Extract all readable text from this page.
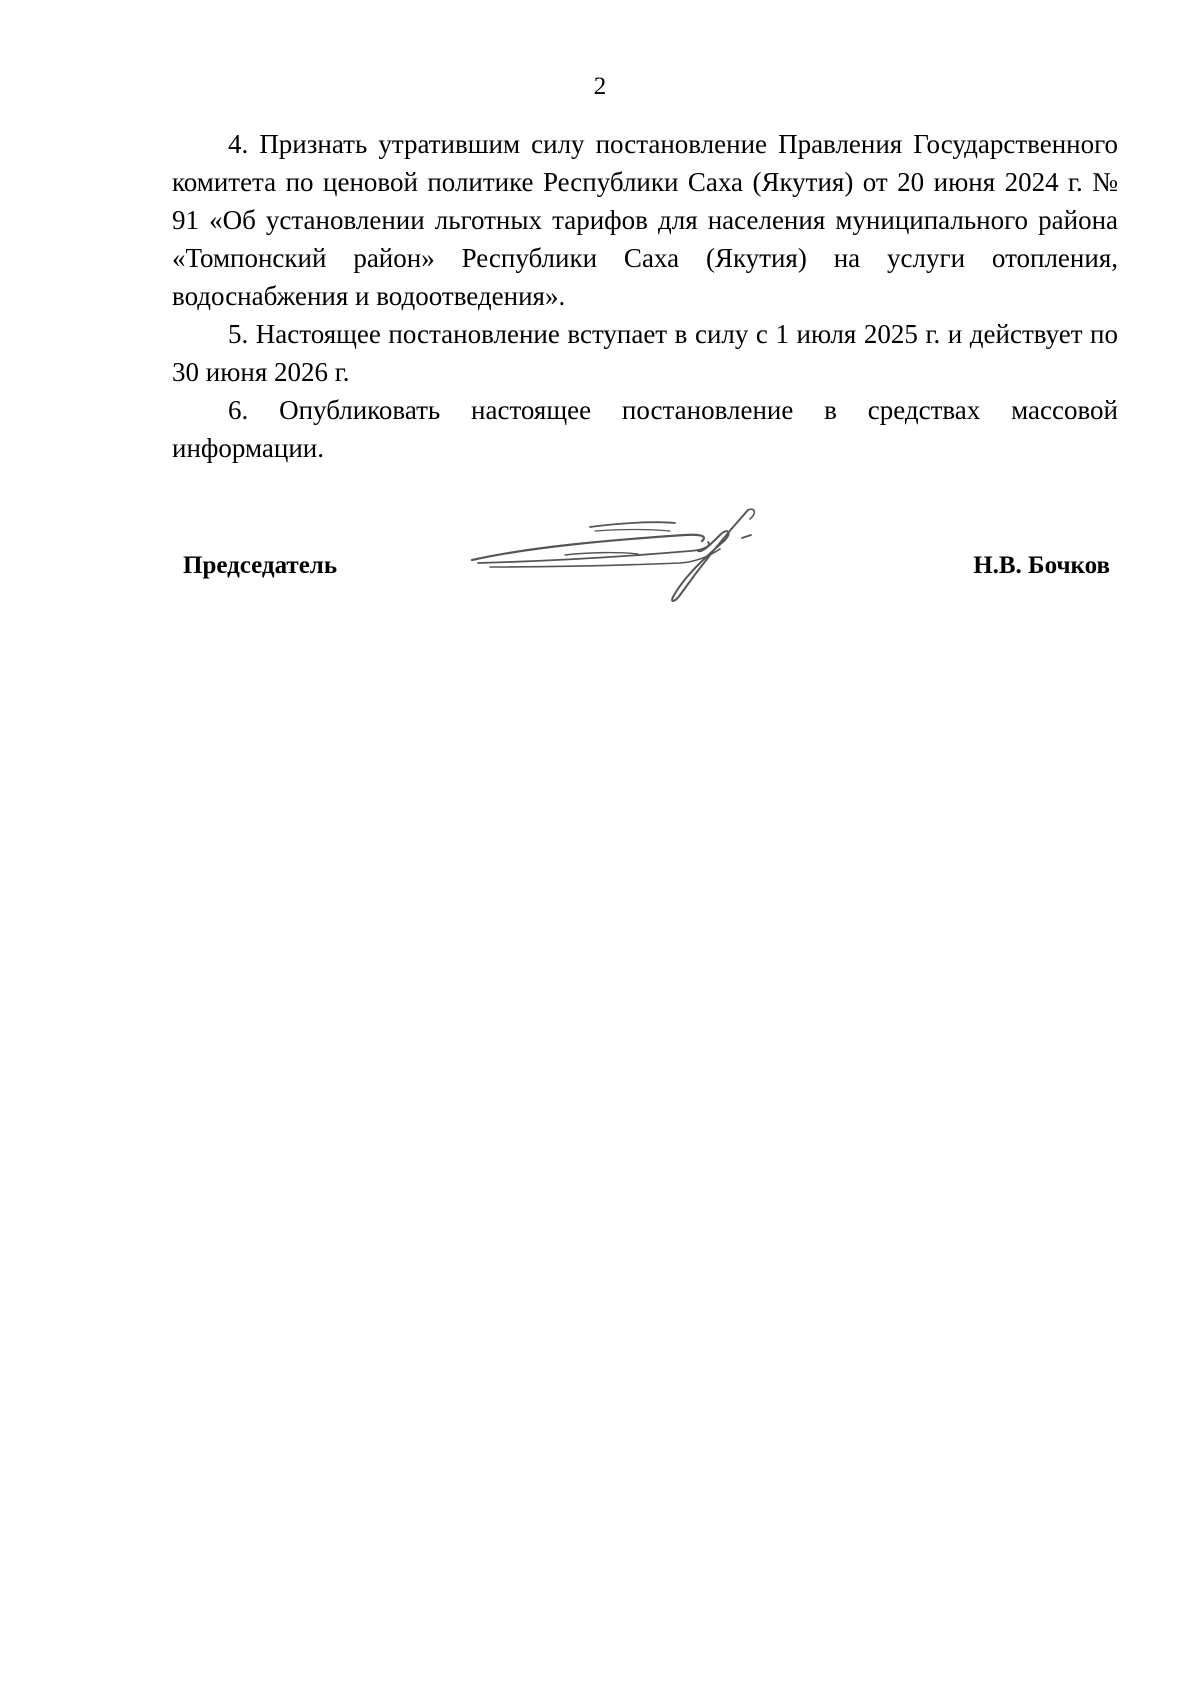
2

4. Признать утратившим силу постановление Правления Государственного комитета по ценовой политике Республики Саха (Якутия) от 20 июня 2024 г. № 91 «Об установлении льготных тарифов для населения муниципального района «Томпонский район» Республики Саха (Якутия) на услуги отопления, водоснабжения и водоотведения».

5. Настоящее постановление вступает в силу с 1 июля 2025 г. и действует по 30 июня 2026 г.

6. Опубликовать настоящее постановление в средствах массовой информации.

Председатель	Н.В. Бочков
